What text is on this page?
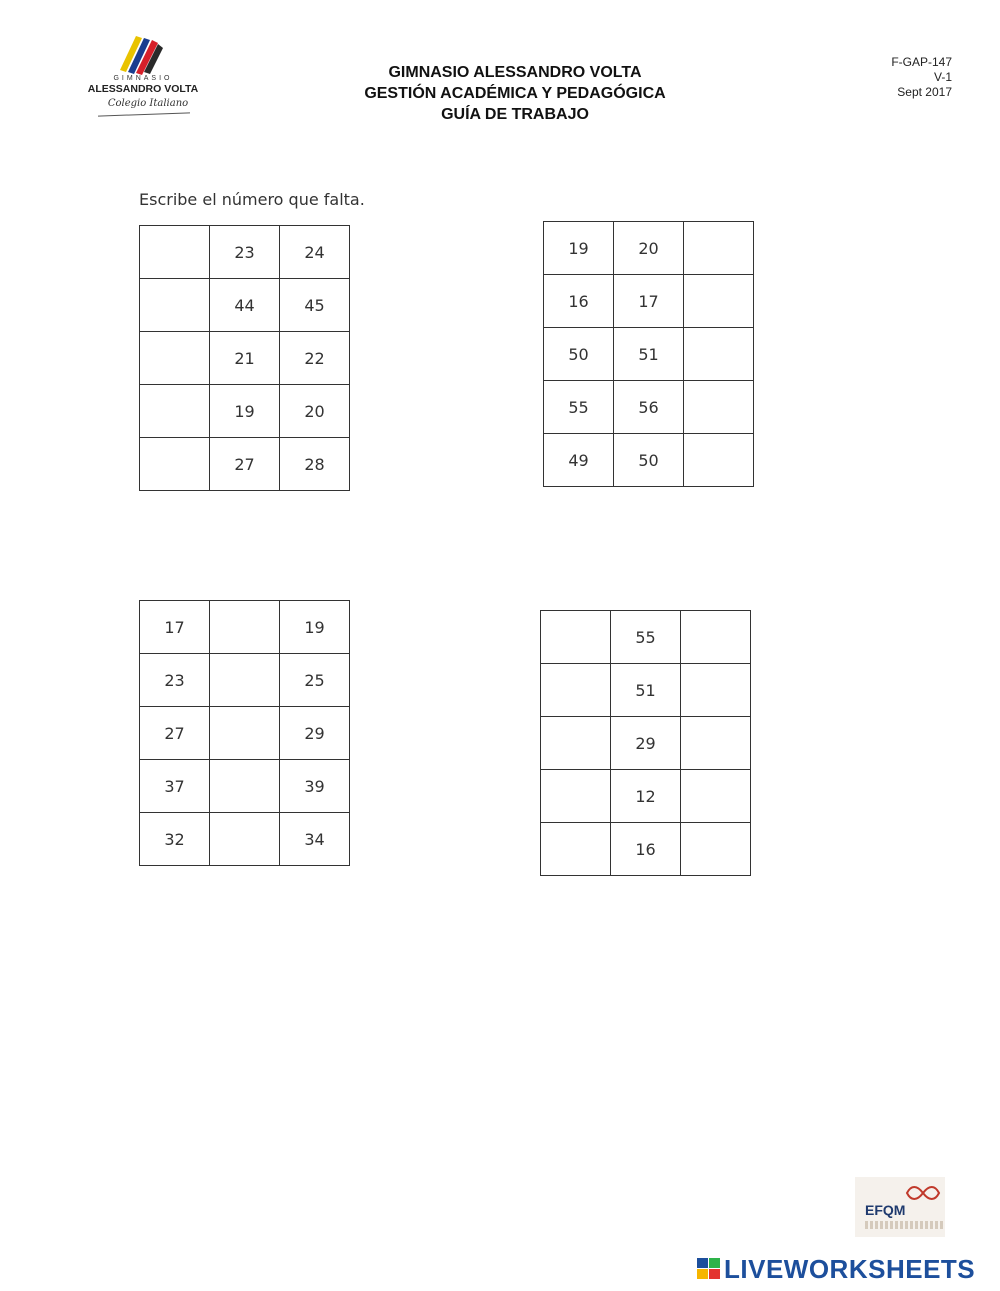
GIMNASIO
ALESSANDRO VOLTA
Colegio Italiano
GIMNASIO ALESSANDRO VOLTA
GESTIÓN ACADÉMICA Y PEDAGÓGICA
GUÍA DE TRABAJO
F-GAP-147
V-1
Sept 2017
Escribe el número que falta.
	23	24
	44	45
	21	22
	19	20
	27	28
19	20	
16	17	
50	51	
55	56	
49	50	
17		19
23		25
27		29
37		39
32		34
	55	
	51	
	29	
	12	
	16	
EFQM
LIVEWORKSHEETS
